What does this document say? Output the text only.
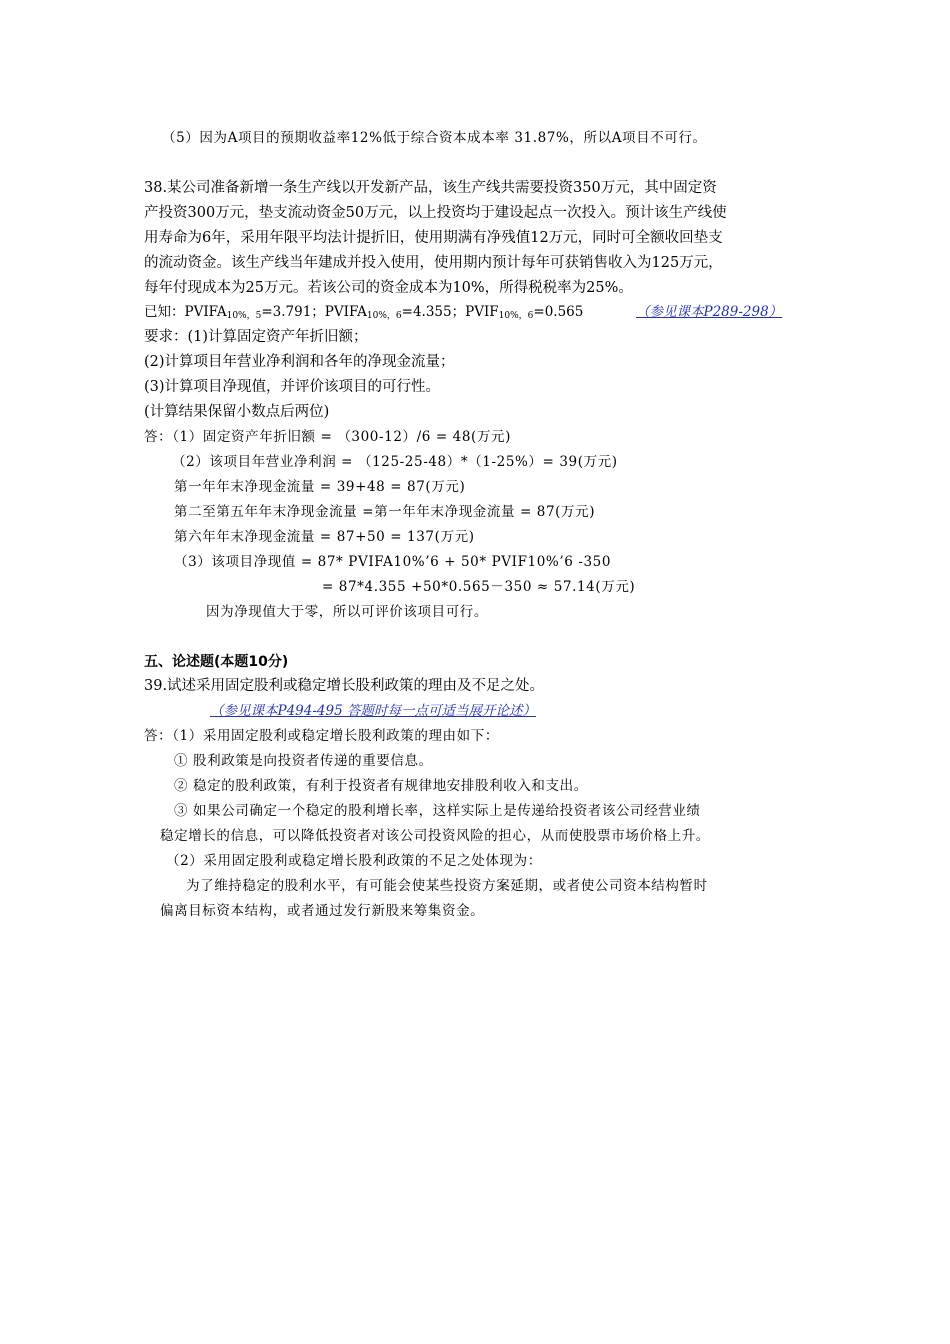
（5）因为A项目的预期收益率12%低于综合资本成本率 31.87%，所以A项目不可行。
38.某公司准备新增一条生产线以开发新产品，该生产线共需要投资350万元，其中固定资
产投资300万元，垫支流动资金50万元，以上投资均于建设起点一次投入。预计该生产线使
用寿命为6年，采用年限平均法计提折旧，使用期满有净残值12万元，同时可全额收回垫支
的流动资金。该生产线当年建成并投入使用，使用期内预计每年可获销售收入为125万元，
每年付现成本为25万元。若该公司的资金成本为10%，所得税税率为25%。
已知：$PVIFA_{10\%,5}=3.791$；$PVIFA_{10\%,6}=4.355$；$PVIF_{10\%,6}=0.565$	（参见课本P289-298）
要求：(1)计算固定资产年折旧额；
(2)计算项目年营业净利润和各年的净现金流量；
(3)计算项目净现值，并评价该项目的可行性。
(计算结果保留小数点后两位)
答：（1）固定资产年折旧额 = （300-12）/6 = 48(万元)
（2）该项目年营业净利润 = （125-25-48）*（1-25%）= 39(万元)
第一年年末净现金流量 = 39+48 = 87(万元)
第二至第五年年末净现金流量 =第一年年末净现金流量 = 87(万元)
第六年年末净现金流量 = 87+50 = 137(万元)
（3）该项目净现值 = 87* PVIFA10%’6 + 50* PVIF10%’6 -350
= 87*4.355 +50*0.565－350 ≈ 57.14(万元)
因为净现值大于零，所以可评价该项目可行。
五、论述题(本题10分)
39.试述采用固定股利或稳定增长股利政策的理由及不足之处。
（参见课本P494-495 答题时每一点可适当展开论述）
答：（1）采用固定股利或稳定增长股利政策的理由如下：
① 股利政策是向投资者传递的重要信息。
② 稳定的股利政策，有利于投资者有规律地安排股利收入和支出。
③ 如果公司确定一个稳定的股利增长率，这样实际上是传递给投资者该公司经营业绩
稳定增长的信息，可以降低投资者对该公司投资风险的担心，从而使股票市场价格上升。
（2）采用固定股利或稳定增长股利政策的不足之处体现为：
为了维持稳定的股利水平，有可能会使某些投资方案延期，或者使公司资本结构暂时
偏离目标资本结构，或者通过发行新股来筹集资金。
